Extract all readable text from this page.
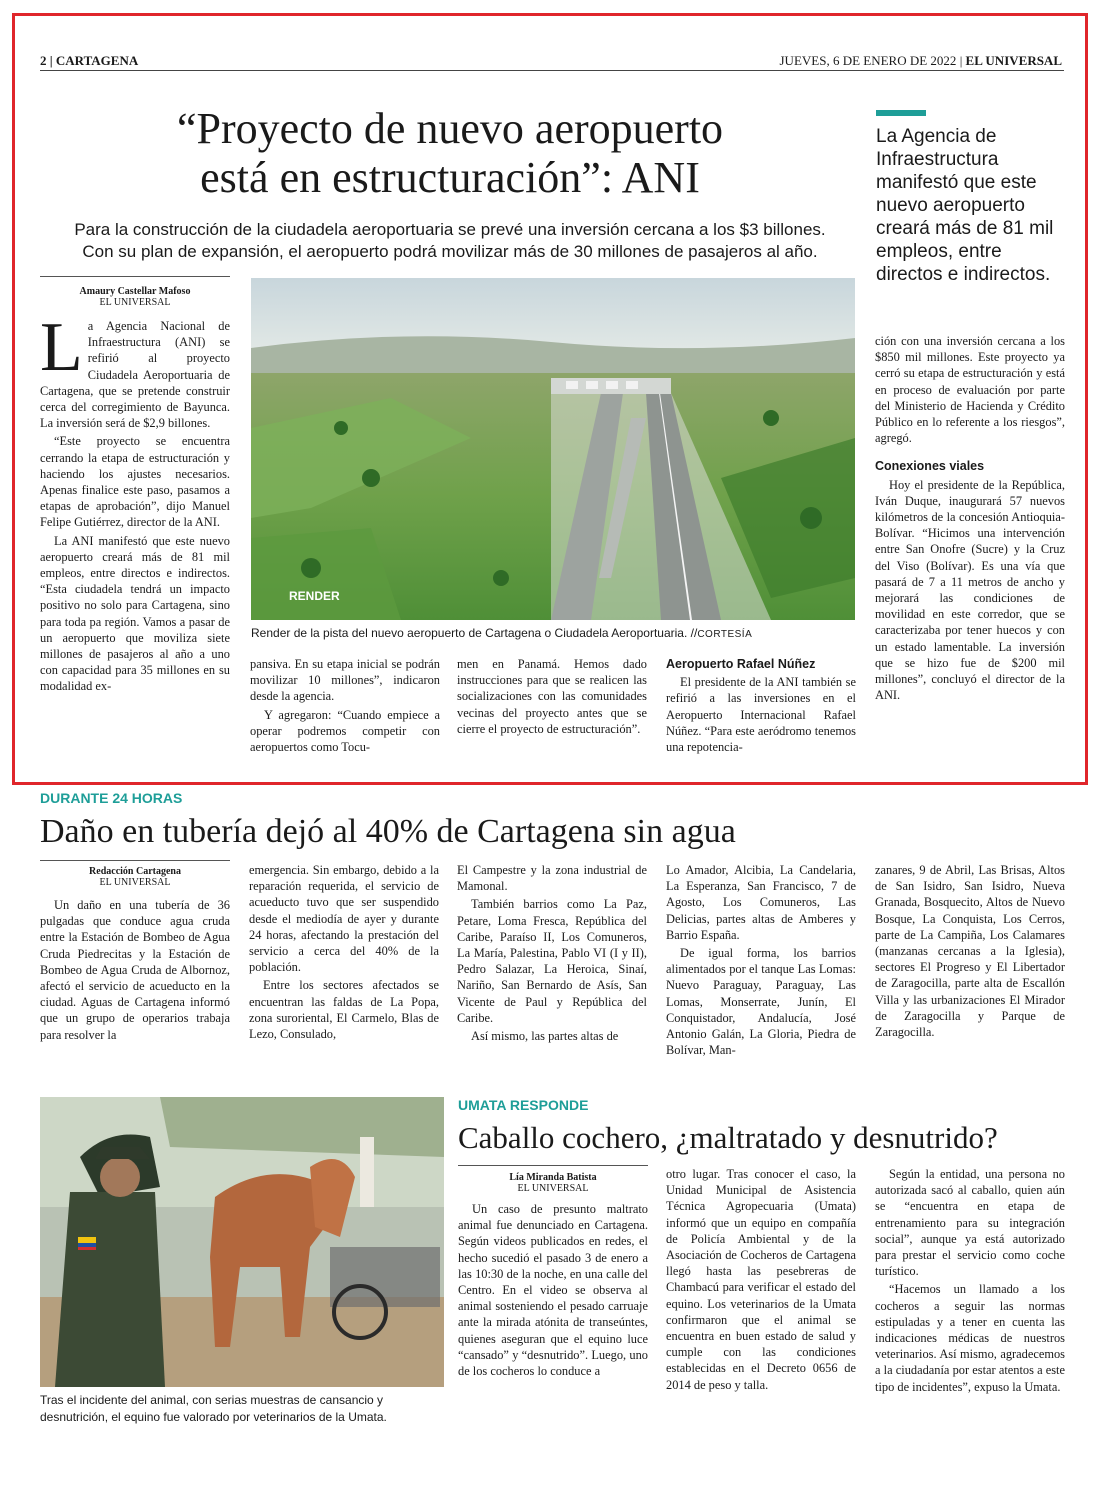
2 | CARTAGENA	JUEVES, 6 DE ENERO DE 2022 | EL UNIVERSAL
“Proyecto de nuevo aeropuerto
está en estructuración”: ANI
Para la construcción de la ciudadela aeroportuaria se prevé una inversión cercana a los $3 billones.
Con su plan de expansión, el aeropuerto podrá movilizar más de 30 millones de pasajeros al año.
La Agencia de Infraestructura manifestó que este nuevo aeropuerto creará más de 81 mil empleos, entre directos e indirectos.
Amaury Castellar Mafoso
EL UNIVERSAL

La Agencia Nacional de Infraestructura (ANI) se refirió al proyecto Ciudadela Aeroportuaria de Cartagena, que se pretende construir cerca del corregimiento de Bayunca. La inversión será de $2,9 billones.

“Este proyecto se encuentra cerrando la etapa de estructuración y haciendo los ajustes necesarios. Apenas finalice este paso, pasamos a etapas de aprobación”, dijo Manuel Felipe Gutiérrez, director de la ANI.

La ANI manifestó que este nuevo aeropuerto creará más de 81 mil empleos, entre directos e indirectos. “Esta ciudadela tendrá un impacto positivo no solo para Cartagena, sino para toda pa región. Vamos a pasar de un aeropuerto que moviliza siete millones de pasajeros al año a uno con capacidad para 35 millones en su modalidad ex-

RENDER
Render de la pista del nuevo aeropuerto de Cartagena o Ciudadela Aeroportuaria. //CORTESÍA

pansiva. En su etapa inicial se podrán movilizar 10 millones”, indicaron desde la agencia.

Y agregaron: “Cuando empiece a operar podremos competir con aeropuertos como Tocu-

men en Panamá. Hemos dado instrucciones para que se realicen las socializaciones con las comunidades vecinas del proyecto antes que se cierre el proyecto de estructuración”.

Aeropuerto Rafael Núñez

El presidente de la ANI también se refirió a las inversiones en el Aeropuerto Internacional Rafael Núñez. “Para este aeródromo tenemos una repotencia-

ción con una inversión cercana a los $850 mil millones. Este proyecto ya cerró su etapa de estructuración y está en proceso de evaluación por parte del Ministerio de Hacienda y Crédito Público en lo referente a los riesgos”, agregó.

Conexiones viales

Hoy el presidente de la República, Iván Duque, inaugurará 57 nuevos kilómetros de la concesión Antioquia-Bolívar. “Hicimos una intervención entre San Onofre (Sucre) y la Cruz del Viso (Bolívar). Es una vía que pasará de 7 a 11 metros de ancho y mejorará las condiciones de movilidad en este corredor, que se caracterizaba por tener huecos y con un estado lamentable. La inversión que se hizo fue de $200 mil millones”, concluyó el director de la ANI.

DURANTE 24 HORAS
Daño en tubería dejó al 40% de Cartagena sin agua
Redacción Cartagena
EL UNIVERSAL

Un daño en una tubería de 36 pulgadas que conduce agua cruda entre la Estación de Bombeo de Agua Cruda Piedrecitas y la Estación de Bombeo de Agua Cruda de Albornoz, afectó el servicio de acueducto en la ciudad. Aguas de Cartagena informó que un grupo de operarios trabaja para resolver la

emergencia. Sin embargo, debido a la reparación requerida, el servicio de acueducto tuvo que ser suspendido desde el mediodía de ayer y durante 24 horas, afectando la prestación del servicio a cerca del 40% de la población.

Entre los sectores afectados se encuentran las faldas de La Popa, zona suroriental, El Carmelo, Blas de Lezo, Consulado,

El Campestre y la zona industrial de Mamonal.

También barrios como La Paz, Petare, Loma Fresca, República del Caribe, Paraíso II, Los Comuneros, La María, Palestina, Pablo VI (I y II), Pedro Salazar, La Heroica, Sinaí, Nariño, San Bernardo de Asís, San Vicente de Paul y República del Caribe.

Así mismo, las partes altas de

Lo Amador, Alcibia, La Candelaria, La Esperanza, San Francisco, 7 de Agosto, Los Comuneros, Las Delicias, partes altas de Amberes y Barrio España.

De igual forma, los barrios alimentados por el tanque Las Lomas: Nuevo Paraguay, Paraguay, Las Lomas, Monserrate, Junín, El Conquistador, Andalucía, José Antonio Galán, La Gloria, Piedra de Bolívar, Man-

zanares, 9 de Abril, Las Brisas, Altos de San Isidro, San Isidro, Nueva Granada, Bosquecito, Altos de Nuevo Bosque, La Conquista, Los Cerros, parte de La Campiña, Los Calamares (manzanas cercanas a la Iglesia), sectores El Progreso y El Libertador de Zaragocilla, parte alta de Escallón Villa y las urbanizaciones El Mirador de Zaragocilla y Parque de Zaragocilla.

Tras el incidente del animal, con serias muestras de cansancio y desnutrición, el equino fue valorado por veterinarios de la Umata.
UMATA RESPONDE
Caballo cochero, ¿maltratado y desnutrido?
Lía Miranda Batista
EL UNIVERSAL

Un caso de presunto maltrato animal fue denunciado en Cartagena. Según videos publicados en redes, el hecho sucedió el pasado 3 de enero a las 10:30 de la noche, en una calle del Centro. En el video se observa al animal sosteniendo el pesado carruaje ante la mirada atónita de transeúntes, quienes aseguran que el equino luce “cansado” y “desnutrido”. Luego, uno de los cocheros lo conduce a

otro lugar. Tras conocer el caso, la Unidad Municipal de Asistencia Técnica Agropecuaria (Umata) informó que un equipo en compañía de Policía Ambiental y de la Asociación de Cocheros de Cartagena llegó hasta las pesebreras de Chambacú para verificar el estado del equino. Los veterinarios de la Umata confirmaron que el animal se encuentra en buen estado de salud y cumple con las condiciones establecidas en el Decreto 0656 de 2014 de peso y talla.

Según la entidad, una persona no autorizada sacó al caballo, quien aún se “encuentra en etapa de entrenamiento para su integración social”, aunque ya está autorizado para prestar el servicio como coche turístico.

“Hacemos un llamado a los cocheros a seguir las normas estipuladas y a tener en cuenta las indicaciones médicas de nuestros veterinarios. Así mismo, agradecemos a la ciudadanía por estar atentos a este tipo de incidentes”, expuso la Umata.
